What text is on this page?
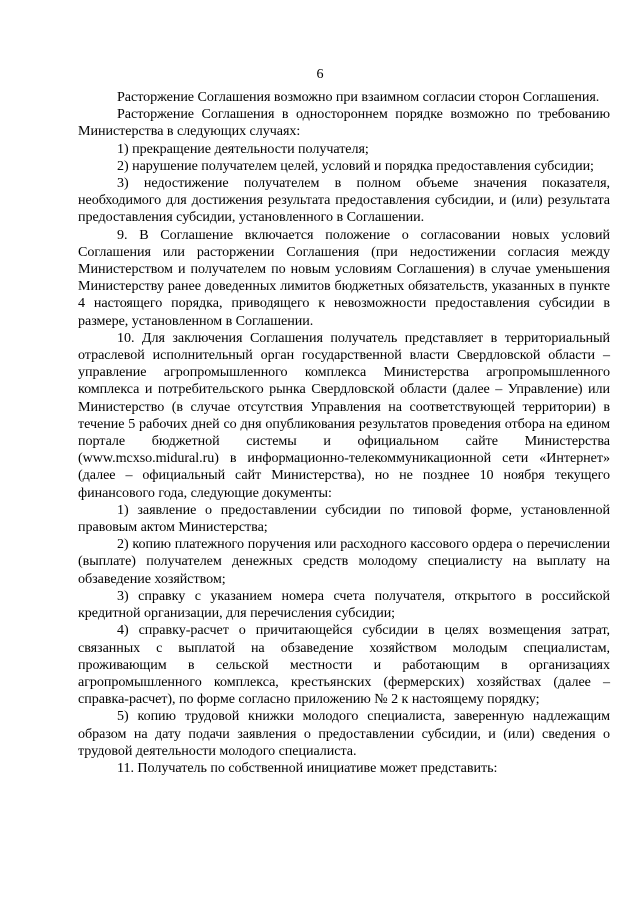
6

Расторжение Соглашения возможно при взаимном согласии сторон Соглашения.

Расторжение Соглашения в одностороннем порядке возможно по требованию Министерства в следующих случаях:

1) прекращение деятельности получателя;

2) нарушение получателем целей, условий и порядка предоставления субсидии;

3) недостижение получателем в полном объеме значения показателя, необходимого для достижения результата предоставления субсидии, и (или) результата предоставления субсидии, установленного в Соглашении.

9. В Соглашение включается положение о согласовании новых условий Соглашения или расторжении Соглашения (при недостижении согласия между Министерством и получателем по новым условиям Соглашения) в случае уменьшения Министерству ранее доведенных лимитов бюджетных обязательств, указанных в пункте 4 настоящего порядка, приводящего к невозможности предоставления субсидии в размере, установленном в Соглашении.

10. Для заключения Соглашения получатель представляет в территориальный отраслевой исполнительный орган государственной власти Свердловской области – управление агропромышленного комплекса Министерства агропромышленного комплекса и потребительского рынка Свердловской области (далее – Управление) или Министерство (в случае отсутствия Управления на соответствующей территории) в течение 5 рабочих дней со дня опубликования результатов проведения отбора на едином портале бюджетной системы и официальном сайте Министерства (www.mcxso.midural.ru) в информационно-телекоммуникационной сети «Интернет» (далее – официальный сайт Министерства), но не позднее 10 ноября текущего финансового года, следующие документы:

1) заявление о предоставлении субсидии по типовой форме, установленной правовым актом Министерства;

2) копию платежного поручения или расходного кассового ордера о перечислении (выплате) получателем денежных средств молодому специалисту на выплату на обзаведение хозяйством;

3) справку с указанием номера счета получателя, открытого в российской кредитной организации, для перечисления субсидии;

4) справку-расчет о причитающейся субсидии в целях возмещения затрат, связанных с выплатой на обзаведение хозяйством молодым специалистам, проживающим в сельской местности и работающим в организациях агропромышленного комплекса, крестьянских (фермерских) хозяйствах (далее – справка-расчет), по форме согласно приложению № 2 к настоящему порядку;

5) копию трудовой книжки молодого специалиста, заверенную надлежащим образом на дату подачи заявления о предоставлении субсидии, и (или) сведения о трудовой деятельности молодого специалиста.

11. Получатель по собственной инициативе может представить:
